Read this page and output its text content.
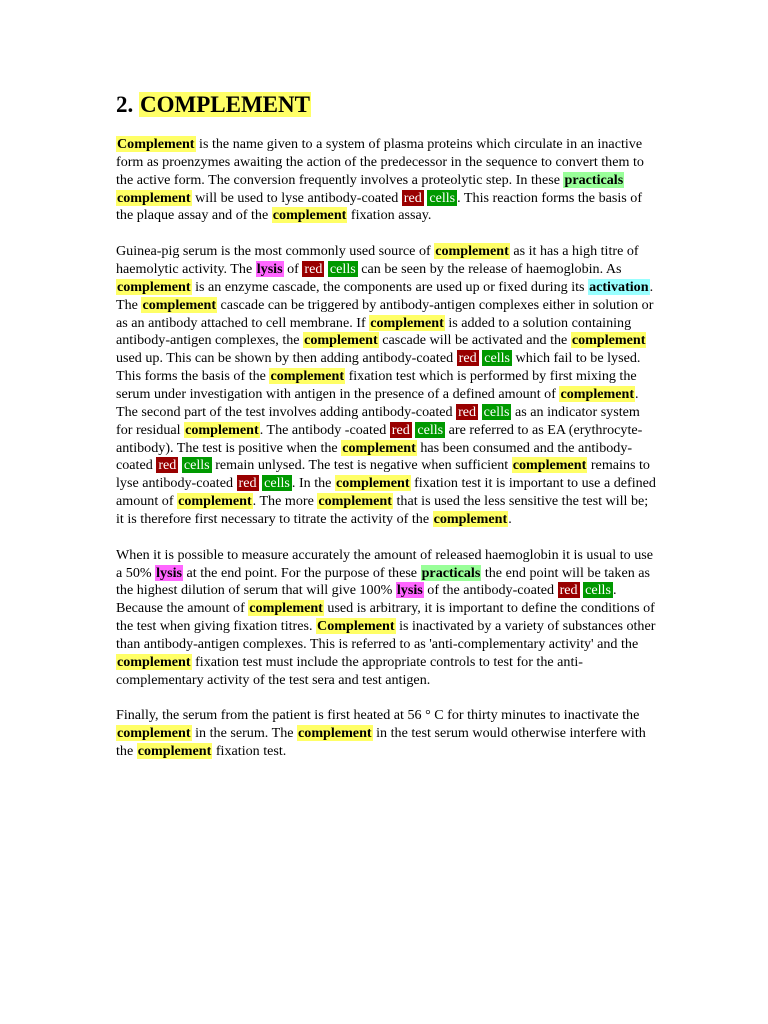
2. COMPLEMENT

Complement is the name given to a system of plasma proteins which circulate in an inactive form as proenzymes awaiting the action of the predecessor in the sequence to convert them to the active form. The conversion frequently involves a proteolytic step. In these practicals complement will be used to lyse antibody-coated red cells . This reaction forms the basis of the plaque assay and of the complement fixation assay.

Guinea-pig serum is the most commonly used source of complement as it has a high titre of haemolytic activity. The lysis of red cells can be seen by the release of haemoglobin. As complement is an enzyme cascade, the components are used up or fixed during its activation. The complement cascade can be triggered by antibody-antigen complexes either in solution or as an antibody attached to cell membrane. If complement is added to a solution containing antibody-antigen complexes, the complement cascade will be activated and the complement used up. This can be shown by then adding antibody-coated red cells which fail to be lysed. This forms the basis of the complement fixation test which is performed by first mixing the serum under investigation with antigen in the presence of a defined amount of complement. The second part of the test involves adding antibody-coated red cells as an indicator system for residual complement. The antibody -coated red cells are referred to as EA (erythrocyte-antibody). The test is positive when the complement has been consumed and the antibody-coated red cells remain unlysed. The test is negative when sufficient complement remains to lyse antibody-coated red cells . In the complement fixation test it is important to use a defined amount of complement. The more complement that is used the less sensitive the test will be; it is therefore first necessary to titrate the activity of the complement.

When it is possible to measure accurately the amount of released haemoglobin it is usual to use a 50% lysis at the end point. For the purpose of these practicals the end point will be taken as the highest dilution of serum that will give 100% lysis of the antibody-coated red cells . Because the amount of complement used is arbitrary, it is important to define the conditions of the test when giving fixation titres. Complement is inactivated by a variety of substances other than antibody-antigen complexes. This is referred to as 'anti-complementary activity' and the complement fixation test must include the appropriate controls to test for the anti-complementary activity of the test sera and test antigen.

Finally, the serum from the patient is first heated at 56 ° C for thirty minutes to inactivate the complement in the serum. The complement in the test serum would otherwise interfere with the complement fixation test.
